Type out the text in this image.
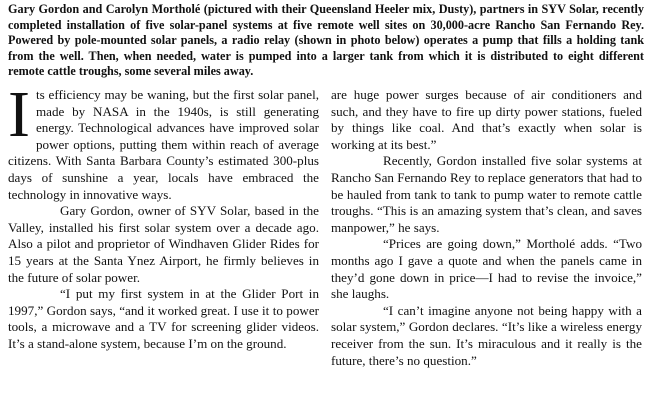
Gary Gordon and Carolyn Mortholé (pictured with their Queensland Heeler mix, Dusty), partners in SYV Solar, recently completed installation of five solar-panel systems at five remote well sites on 30,000-acre Rancho San Fernando Rey. Powered by pole-mounted solar panels, a radio relay (shown in photo below) operates a pump that fills a holding tank from the well. Then, when needed, water is pumped into a larger tank from which it is distributed to eight different remote cattle troughs, some several miles away.

Its efficiency may be waning, but the first solar panel, made by NASA in the 1940s, is still generating energy. Technological advances have improved solar power options, putting them within reach of average citizens. With Santa Barbara County’s estimated 300-plus days of sunshine a year, locals have embraced the technology in innovative ways.

Gary Gordon, owner of SYV Solar, based in the Valley, installed his first solar system over a decade ago. Also a pilot and proprietor of Windhaven Glider Rides for 15 years at the Santa Ynez Airport, he firmly believes in the future of solar power.

“I put my first system in at the Glider Port in 1997,” Gordon says, “and it worked great. I use it to power tools, a microwave and a TV for screening glider videos. It’s a stand-alone system, because I’m on the ground.

are huge power surges because of air conditioners and such, and they have to fire up dirty power stations, fueled by things like coal. And that’s exactly when solar is working at its best.”

Recently, Gordon installed five solar systems at Rancho San Fernando Rey to replace generators that had to be hauled from tank to tank to pump water to remote cattle troughs. “This is an amazing system that’s clean, and saves manpower,” he says.

“Prices are going down,” Mortholé adds. “Two months ago I gave a quote and when the panels came in they’d gone down in price—I had to revise the invoice,” she laughs.

“I can’t imagine anyone not being happy with a solar system,” Gordon declares. “It’s like a wireless energy receiver from the sun. It’s miraculous and it really is the future, there’s no question.”
